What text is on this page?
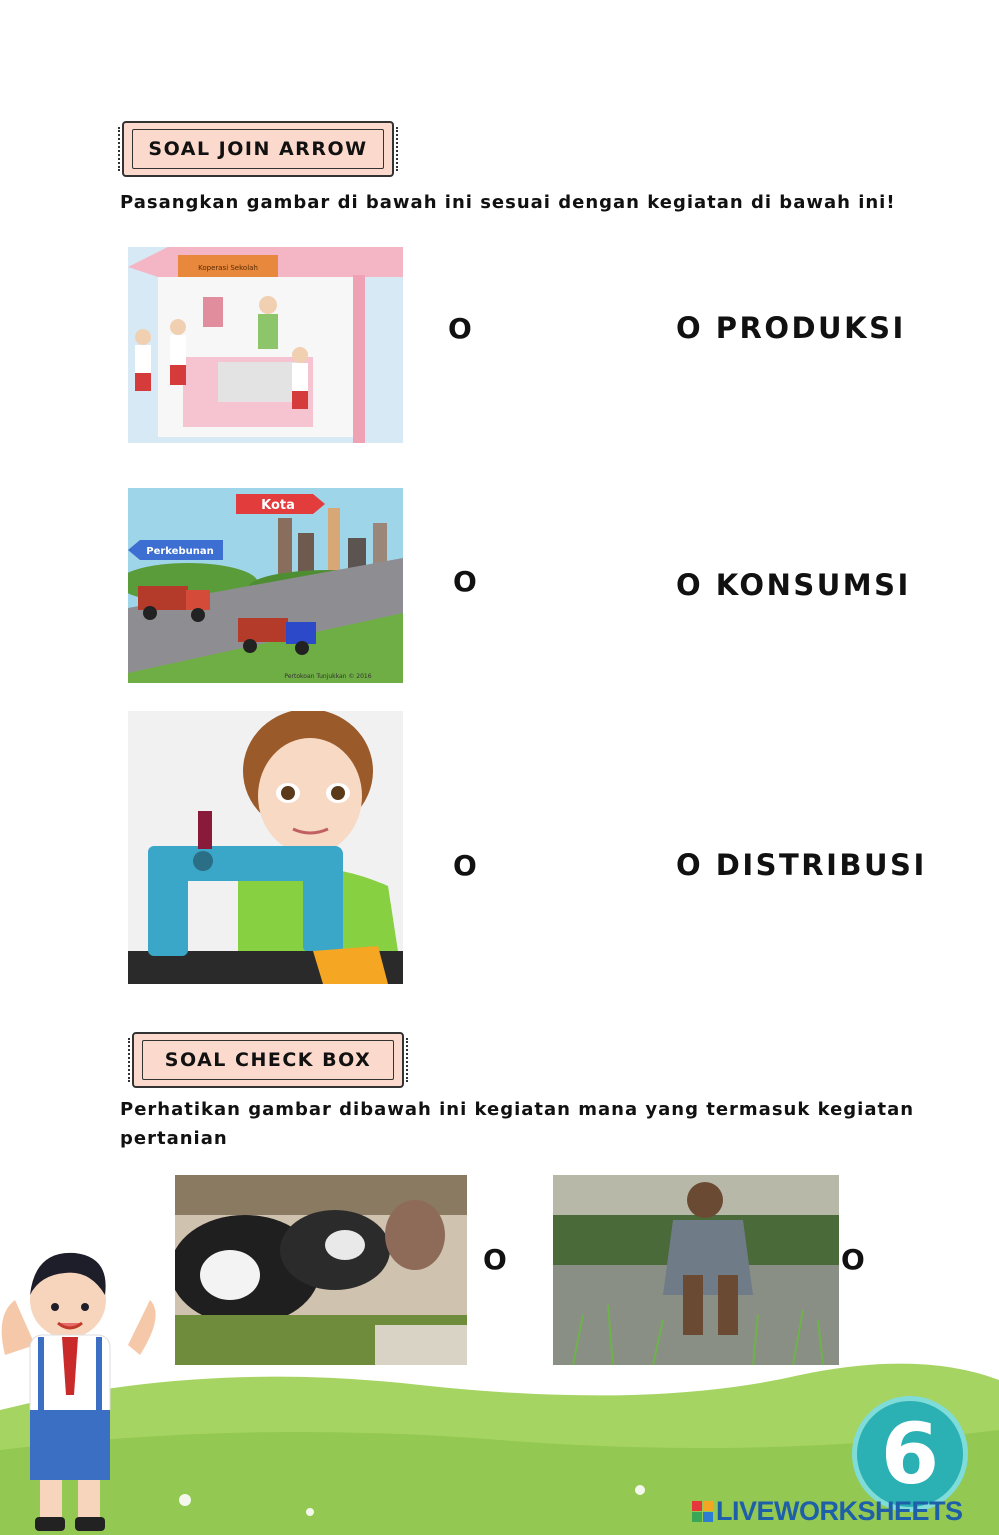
SOAL JOIN ARROW
Pasangkan gambar di bawah ini sesuai dengan kegiatan di bawah ini!
Koperasi Sekolah
Kota
Perkebunan
Pertokoan Tunjukkan © 2016
O
O
O
O PRODUKSI
O KONSUMSI
O DISTRIBUSI
SOAL CHECK BOX
Perhatikan gambar dibawah ini kegiatan mana yang termasuk kegiatan
pertanian
O	O
6
LIVEWORKSHEETS
